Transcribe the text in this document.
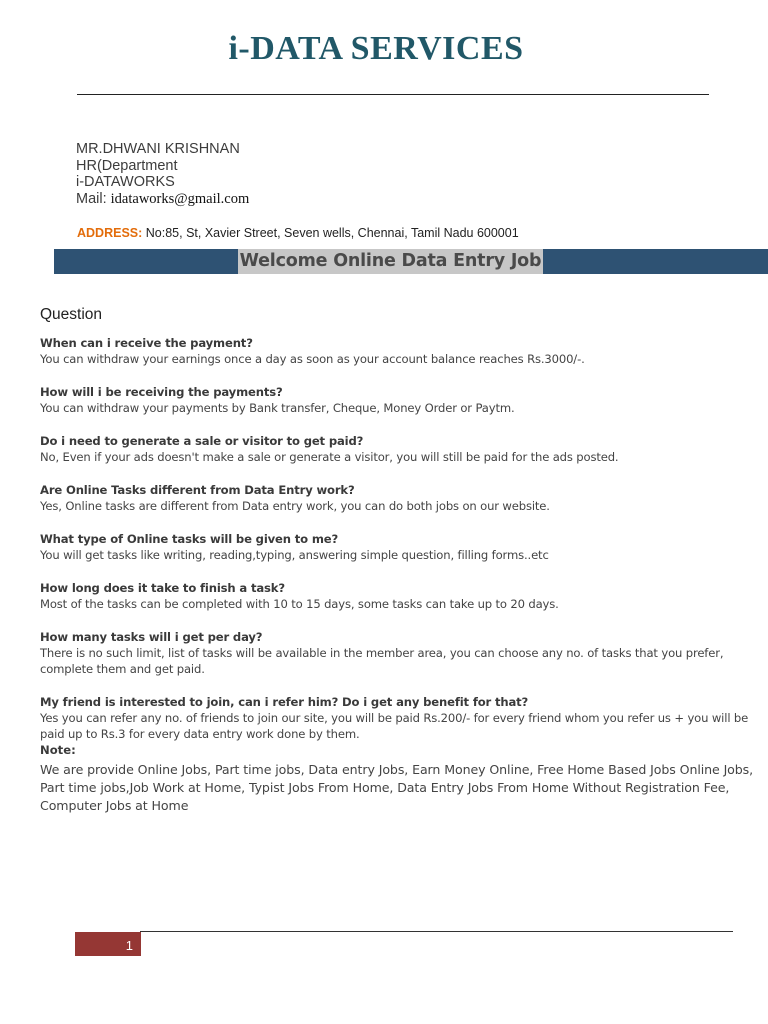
i-DATA SERVICES
MR.DHWANI KRISHNAN
HR(Department
i-DATAWORKS
Mail: idataworks@gmail.com
ADDRESS: No:85, St, Xavier Street, Seven wells, Chennai, Tamil Nadu 600001
Welcome Online Data Entry Job
Question
When can i receive the payment?
You can withdraw your earnings once a day as soon as your account balance reaches Rs.3000/-.
How will i be receiving the payments?
You can withdraw your payments by Bank transfer, Cheque, Money Order or Paytm.
Do i need to generate a sale or visitor to get paid?
No, Even if your ads doesn't make a sale or generate a visitor, you will still be paid for the ads posted.
Are Online Tasks different from Data Entry work?
Yes, Online tasks are different from Data entry work, you can do both jobs on our website.
What type of Online tasks will be given to me?
You will get tasks like writing, reading,typing, answering simple question, filling forms..etc
How long does it take to finish a task?
Most of the tasks can be completed with 10 to 15 days, some tasks can take up to 20 days.
How many tasks will i get per day?
There is no such limit, list of tasks will be available in the member area, you can choose any no. of tasks that you prefer, complete them and get paid.
My friend is interested to join, can i refer him? Do i get any benefit for that?
Yes you can refer any no. of friends to join our site, you will be paid Rs.200/- for every friend whom you refer us + you will be paid up to Rs.3 for every data entry work done by them.
Note:
We are provide Online Jobs, Part time jobs, Data entry Jobs, Earn Money Online, Free Home Based Jobs Online Jobs, Part time jobs,Job Work at Home, Typist Jobs From Home, Data Entry Jobs From Home Without Registration Fee, Computer Jobs at Home
1
